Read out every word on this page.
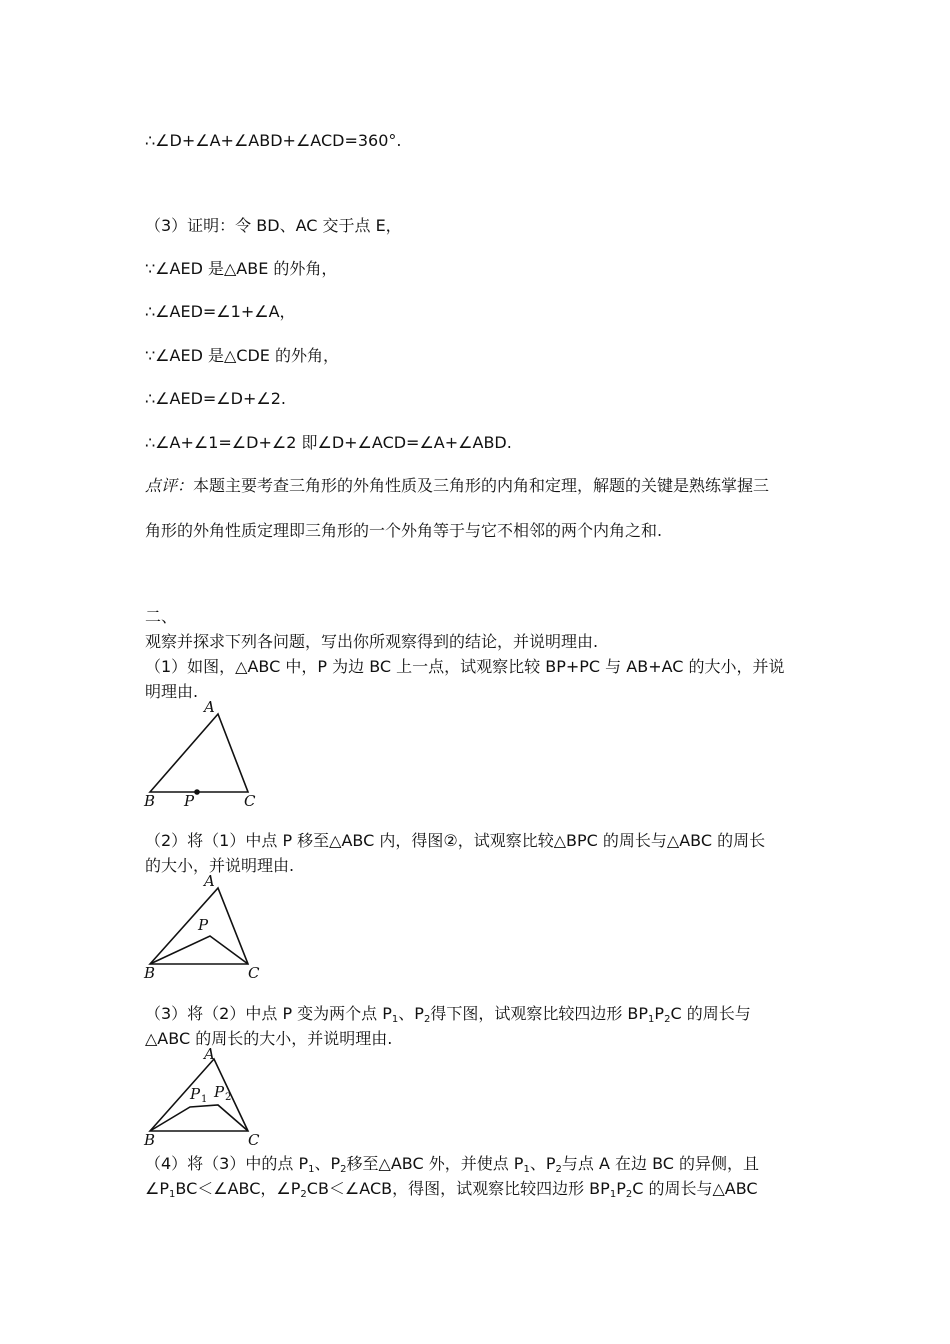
∴∠D+∠A+∠ABD+∠ACD=360°.
（3）证明：令 BD、AC 交于点 E，
∵∠AED 是△ABE 的外角，
∴∠AED=∠1+∠A，
∵∠AED 是△CDE 的外角，
∴∠AED=∠D+∠2.
∴∠A+∠1=∠D+∠2 即∠D+∠ACD=∠A+∠ABD.
点评：本题主要考查三角形的外角性质及三角形的内角和定理，解题的关键是熟练掌握三
角形的外角性质定理即三角形的一个外角等于与它不相邻的两个内角之和.
二、
观察并探求下列各问题，写出你所观察得到的结论，并说明理由.
（1）如图，△ABC 中，P 为边 BC 上一点，试观察比较 BP+PC 与 AB+AC 的大小，并说
明理由.
A
B P	C
（2）将（1）中点 P 移至△ABC 内，得图②，试观察比较△BPC 的周长与△ABC 的周长
的大小，并说明理由.
A
P
B	C
（3）将（2）中点 P 变为两个点 $P_1$、$P_2$得下图，试观察比较四边形 $BP_1P_2C$ 的周长与
△ABC 的周长的大小，并说明理由.
A
P 1 P 2
B	C
（4）将（3）中的点 $P_1$、$P_2$移至△ABC 外，并使点 $P_1$、$P_2$与点 A 在边 BC 的异侧，且
$\angle P_1BC<\angle ABC$，$\angle P_2CB<\angle ACB$，得图，试观察比较四边形 $BP_1P_2C$ 的周长与△ABC
